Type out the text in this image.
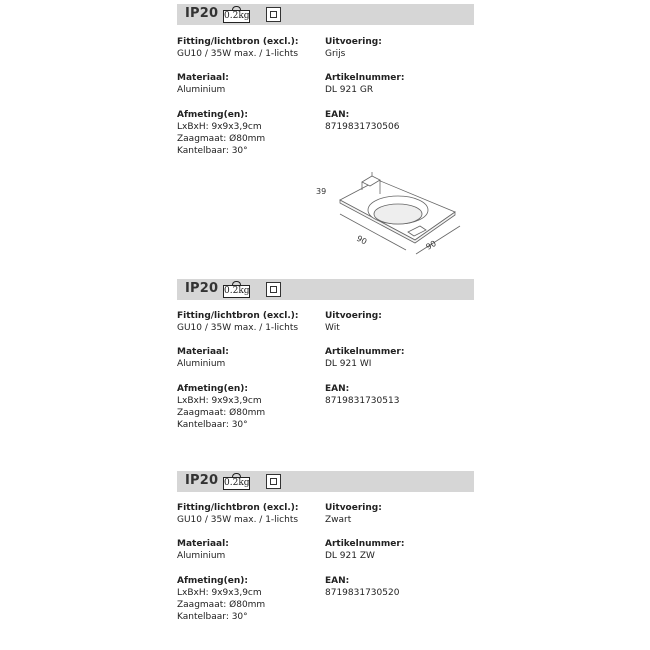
IP20 0.2kg
Fitting/lichtbron (excl.):
GU10 / 35W max. / 1-lichts
Materiaal:
Aluminium
Afmeting(en):
LxBxH: 9x9x3,9cm
Zaagmaat: Ø80mm
Kantelbaar: 30°
Uitvoering:
Grijs
Artikelnummer:
DL 921 GR
EAN:
8719831730506
39
90	90
IP20 0.2kg
Fitting/lichtbron (excl.):
GU10 / 35W max. / 1-lichts
Materiaal:
Aluminium
Afmeting(en):
LxBxH: 9x9x3,9cm
Zaagmaat: Ø80mm
Kantelbaar: 30°
Uitvoering:
Wit
Artikelnummer:
DL 921 WI
EAN:
8719831730513
IP20 0.2kg
Fitting/lichtbron (excl.):
GU10 / 35W max. / 1-lichts
Materiaal:
Aluminium
Afmeting(en):
LxBxH: 9x9x3,9cm
Zaagmaat: Ø80mm
Kantelbaar: 30°
Uitvoering:
Zwart
Artikelnummer:
DL 921 ZW
EAN:
8719831730520
